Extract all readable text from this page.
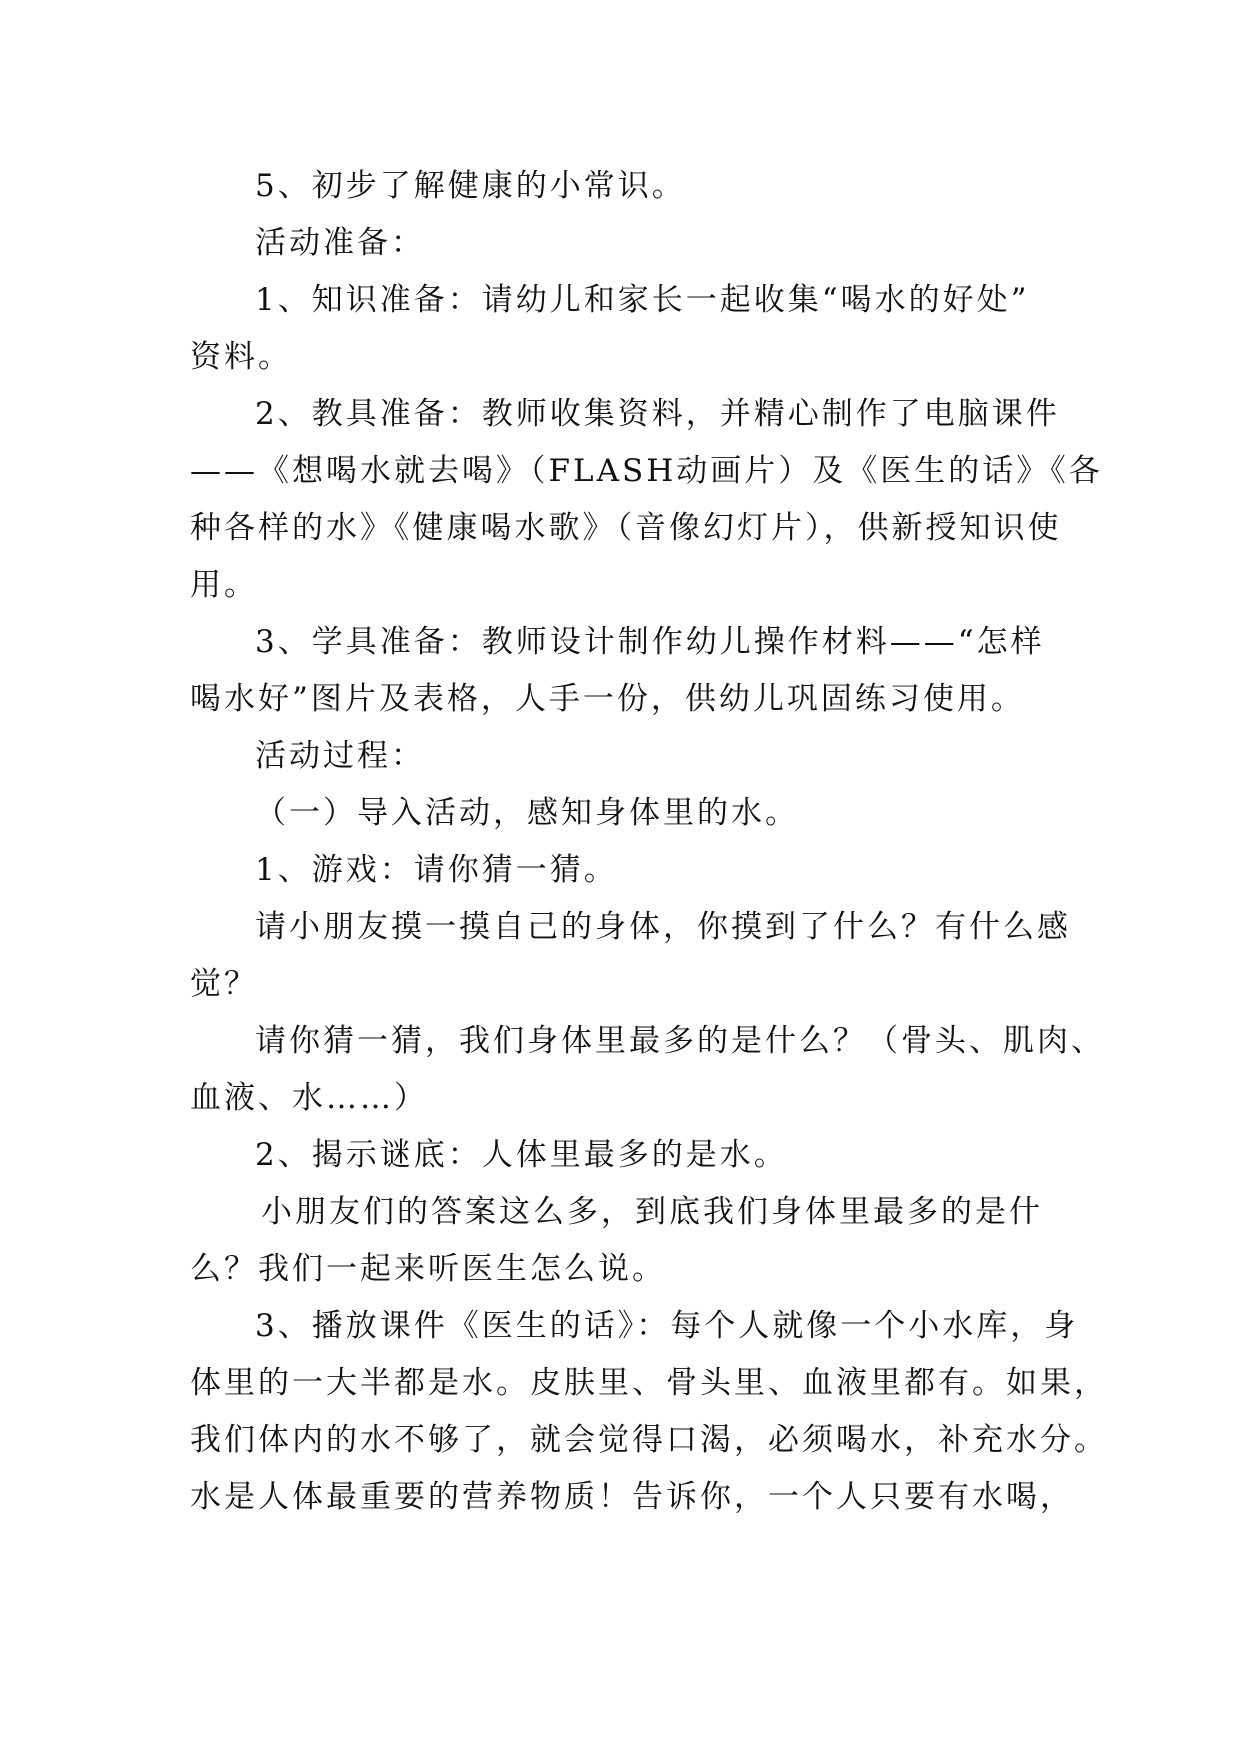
5、初步了解健康的小常识。
活动准备：
1、知识准备：请幼儿和家长一起收集“喝水的好处”
资料。
2、教具准备：教师收集资料，并精心制作了电脑课件
——《想喝水就去喝》（FLASH动画片）及《医生的话》《各
种各样的水》《健康喝水歌》（音像幻灯片），供新授知识使
用。
3、学具准备：教师设计制作幼儿操作材料——“怎样
喝水好”图片及表格，人手一份，供幼儿巩固练习使用。
活动过程：
（一）导入活动，感知身体里的水。
1、游戏：请你猜一猜。
请小朋友摸一摸自己的身体，你摸到了什么？有什么感
觉？
请你猜一猜，我们身体里最多的是什么？（骨头、肌肉、
血液、水……）
2、揭示谜底：人体里最多的是水。
小朋友们的答案这么多，到底我们身体里最多的是什
么？我们一起来听医生怎么说。
3、播放课件《医生的话》：每个人就像一个小水库，身
体里的一大半都是水。皮肤里、骨头里、血液里都有。如果，
我们体内的水不够了，就会觉得口渴，必须喝水，补充水分。
水是人体最重要的营养物质！告诉你，一个人只要有水喝，
